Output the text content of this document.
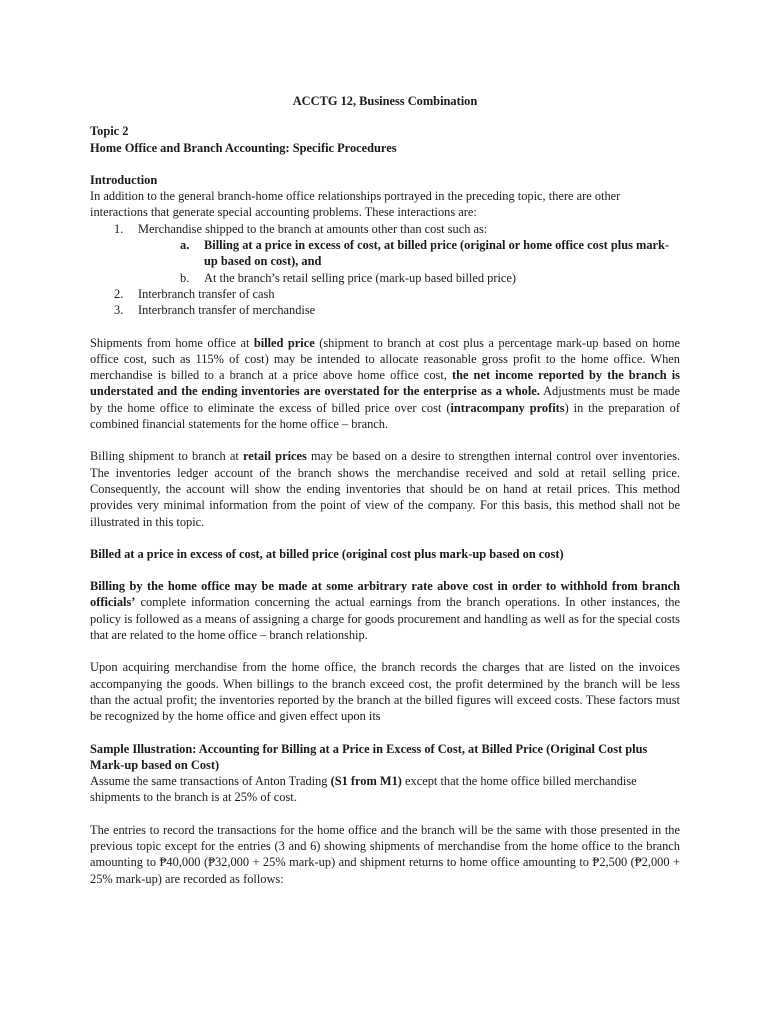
ACCTG 12, Business Combination

Topic 2

Home Office and Branch Accounting: Specific Procedures

Introduction

In addition to the general branch-home office relationships portrayed in the preceding topic, there are other interactions that generate special accounting problems. These interactions are:

1. Merchandise shipped to the branch at amounts other than cost such as:
a. Billing at a price in excess of cost, at billed price (original or home office cost plus mark-up based on cost), and
b. At the branch’s retail selling price (mark-up based billed price)
2. Interbranch transfer of cash
3. Interbranch transfer of merchandise

Shipments from home office at billed price (shipment to branch at cost plus a percentage mark-up based on home office cost, such as 115% of cost) may be intended to allocate reasonable gross profit to the home office. When merchandise is billed to a branch at a price above home office cost, the net income reported by the branch is understated and the ending inventories are overstated for the enterprise as a whole. Adjustments must be made by the home office to eliminate the excess of billed price over cost (intracompany profits) in the preparation of combined financial statements for the home office – branch.

Billing shipment to branch at retail prices may be based on a desire to strengthen internal control over inventories. The inventories ledger account of the branch shows the merchandise received and sold at retail selling price. Consequently, the account will show the ending inventories that should be on hand at retail prices. This method provides very minimal information from the point of view of the company. For this basis, this method shall not be illustrated in this topic.

Billed at a price in excess of cost, at billed price (original cost plus mark-up based on cost)

Billing by the home office may be made at some arbitrary rate above cost in order to withhold from branch officials’ complete information concerning the actual earnings from the branch operations. In other instances, the policy is followed as a means of assigning a charge for goods procurement and handling as well as for the special costs that are related to the home office – branch relationship.

Upon acquiring merchandise from the home office, the branch records the charges that are listed on the invoices accompanying the goods. When billings to the branch exceed cost, the profit determined by the branch will be less than the actual profit; the inventories reported by the branch at the billed figures will exceed costs. These factors must be recognized by the home office and given effect upon its

Sample Illustration: Accounting for Billing at a Price in Excess of Cost, at Billed Price (Original Cost plus Mark-up based on Cost)

Assume the same transactions of Anton Trading (S1 from M1) except that the home office billed merchandise shipments to the branch is at 25% of cost.

The entries to record the transactions for the home office and the branch will be the same with those presented in the previous topic except for the entries (3 and 6) showing shipments of merchandise from the home office to the branch amounting to ₱40,000 (₱32,000 + 25% mark-up) and shipment returns to home office amounting to ₱2,500 (₱2,000 + 25% mark-up) are recorded as follows:
